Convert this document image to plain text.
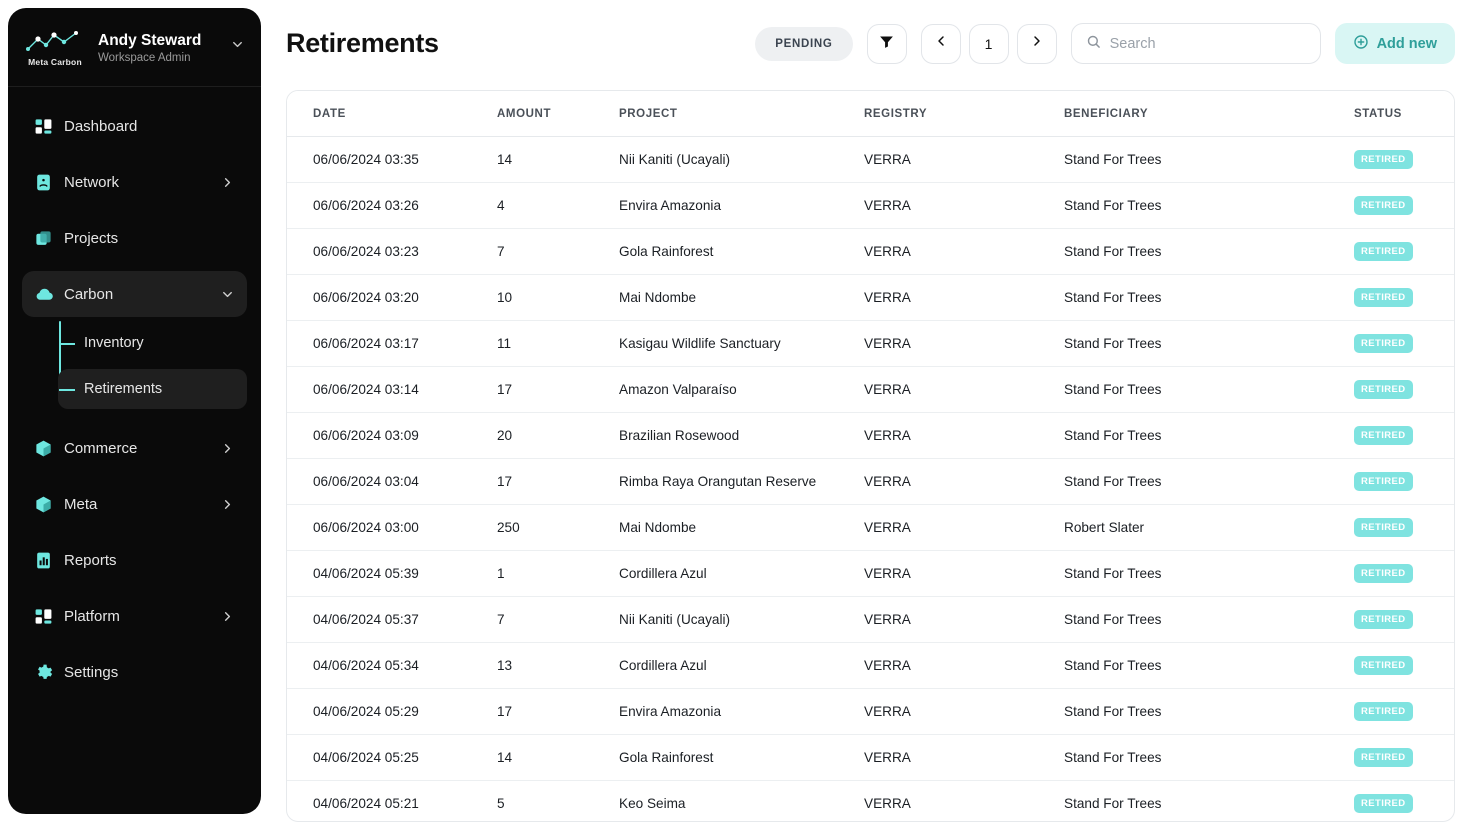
Meta Carbon
Andy Steward
Workspace Admin
Dashboard
Network
Projects
Carbon
Inventory
Retirements
Commerce
Meta
Reports
Platform
Settings
Retirements	PENDING	1
Search	Add new
DATE	AMOUNT	PROJECT	REGISTRY	BENEFICIARY	STATUS
06/06/2024 03:35	14	Nii Kaniti (Ucayali)	VERRA	Stand For Trees	RETIRED
06/06/2024 03:26	4	Envira Amazonia	VERRA	Stand For Trees	RETIRED
06/06/2024 03:23	7	Gola Rainforest	VERRA	Stand For Trees	RETIRED
06/06/2024 03:20	10	Mai Ndombe	VERRA	Stand For Trees	RETIRED
06/06/2024 03:17	11	Kasigau Wildlife Sanctuary	VERRA	Stand For Trees	RETIRED
06/06/2024 03:14	17	Amazon Valparaíso	VERRA	Stand For Trees	RETIRED
06/06/2024 03:09	20	Brazilian Rosewood	VERRA	Stand For Trees	RETIRED
06/06/2024 03:04	17	Rimba Raya Orangutan Reserve	VERRA	Stand For Trees	RETIRED
06/06/2024 03:00	250	Mai Ndombe	VERRA	Robert Slater	RETIRED
04/06/2024 05:39	1	Cordillera Azul	VERRA	Stand For Trees	RETIRED
04/06/2024 05:37	7	Nii Kaniti (Ucayali)	VERRA	Stand For Trees	RETIRED
04/06/2024 05:34	13	Cordillera Azul	VERRA	Stand For Trees	RETIRED
04/06/2024 05:29	17	Envira Amazonia	VERRA	Stand For Trees	RETIRED
04/06/2024 05:25	14	Gola Rainforest	VERRA	Stand For Trees	RETIRED
04/06/2024 05:21	5	Keo Seima	VERRA	Stand For Trees	RETIRED
